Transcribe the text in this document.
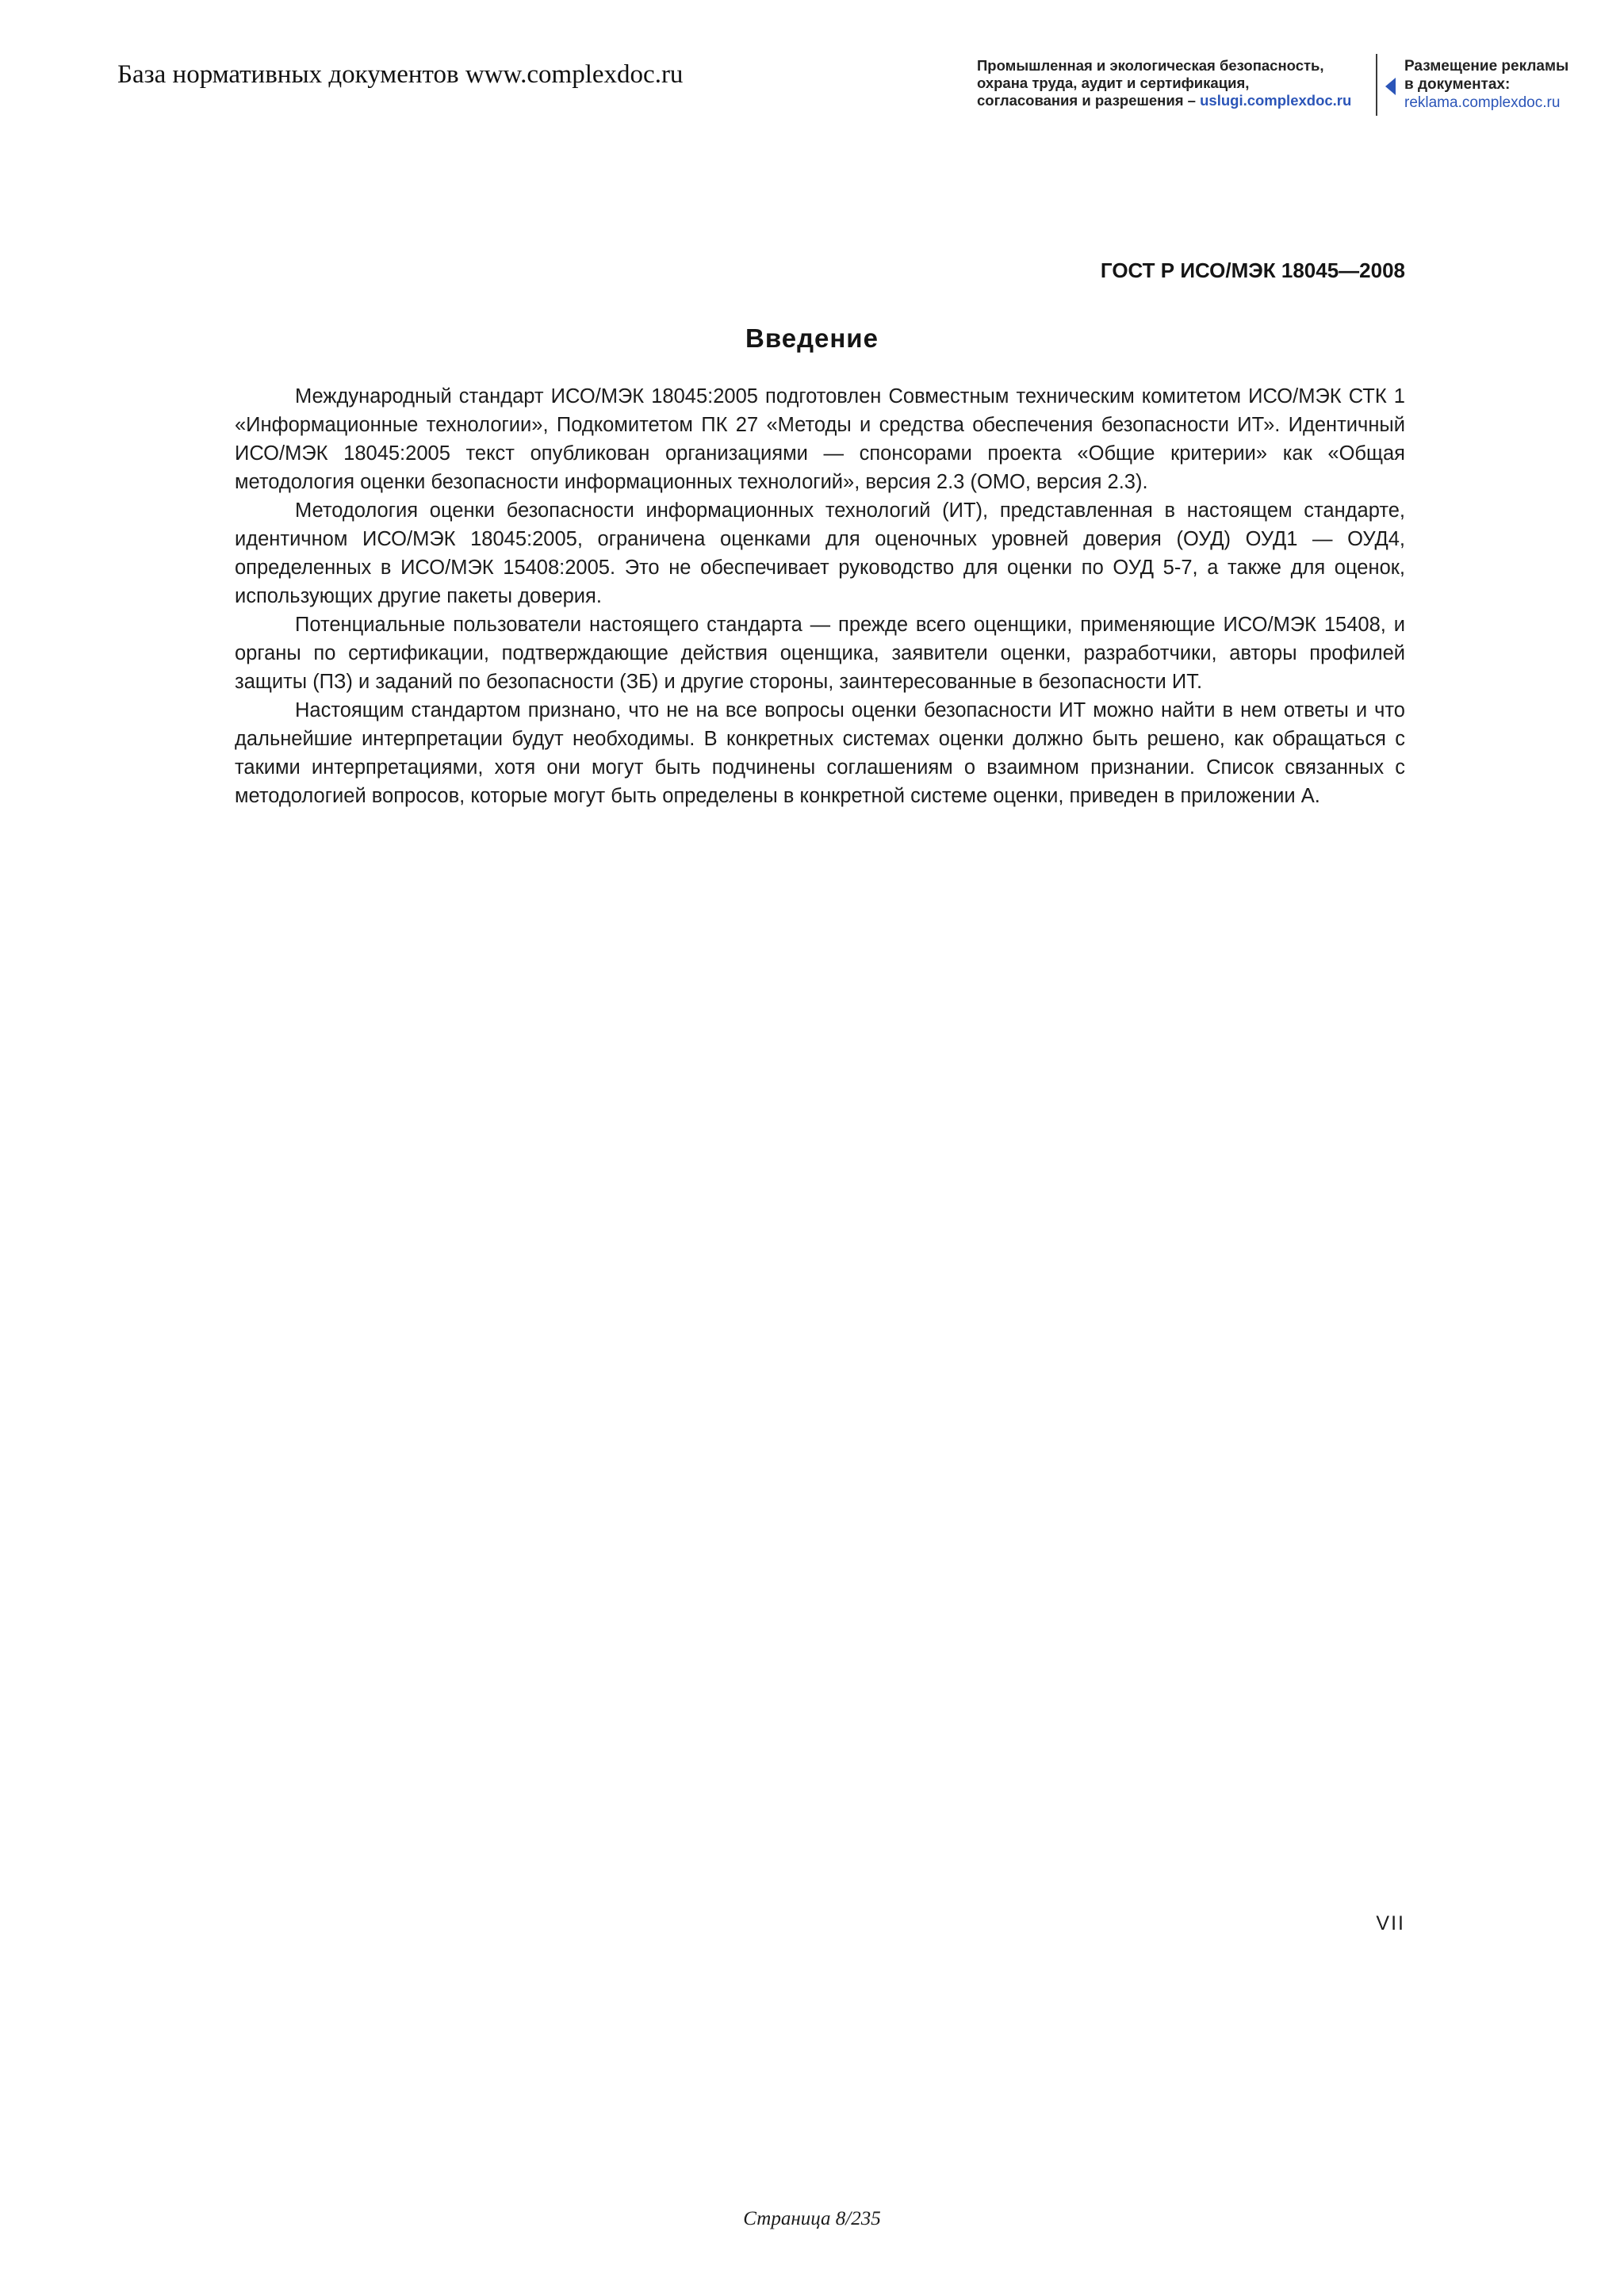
База нормативных документов www.complexdoc.ru	Промышленная и экологическая безопасность,
охрана труда, аудит и сертификация,
согласования и разрешения – uslugi.complexdoc.ru
Размещение рекламы
в документах:
reklama.complexdoc.ru
ГОСТ Р ИСО/МЭК 18045—2008
Введение

Международный стандарт ИСО/МЭК 18045:2005 подготовлен Совместным техническим комитетом ИСО/МЭК СТК 1 «Информационные технологии», Подкомитетом ПК 27 «Методы и средства обеспечения безопасности ИТ». Идентичный ИСО/МЭК 18045:2005 текст опубликован организациями — спонсорами проекта «Общие критерии» как «Общая методология оценки безопасности информационных технологий», версия 2.3 (ОМО, версия 2.3).

Методология оценки безопасности информационных технологий (ИТ), представленная в настоящем стандарте, идентичном ИСО/МЭК 18045:2005, ограничена оценками для оценочных уровней доверия (ОУД) ОУД1 — ОУД4, определенных в ИСО/МЭК 15408:2005. Это не обеспечивает руководство для оценки по ОУД 5-7, а также для оценок, использующих другие пакеты доверия.

Потенциальные пользователи настоящего стандарта — прежде всего оценщики, применяющие ИСО/МЭК 15408, и органы по сертификации, подтверждающие действия оценщика, заявители оценки, разработчики, авторы профилей защиты (ПЗ) и заданий по безопасности (ЗБ) и другие стороны, заинтересованные в безопасности ИТ.

Настоящим стандартом признано, что не на все вопросы оценки безопасности ИТ можно найти в нем ответы и что дальнейшие интерпретации будут необходимы. В конкретных системах оценки должно быть решено, как обращаться с такими интерпретациями, хотя они могут быть подчинены соглашениям о взаимном признании. Список связанных с методологией вопросов, которые могут быть определены в конкретной системе оценки, приведен в приложении А.

VII
Страница 8/235
